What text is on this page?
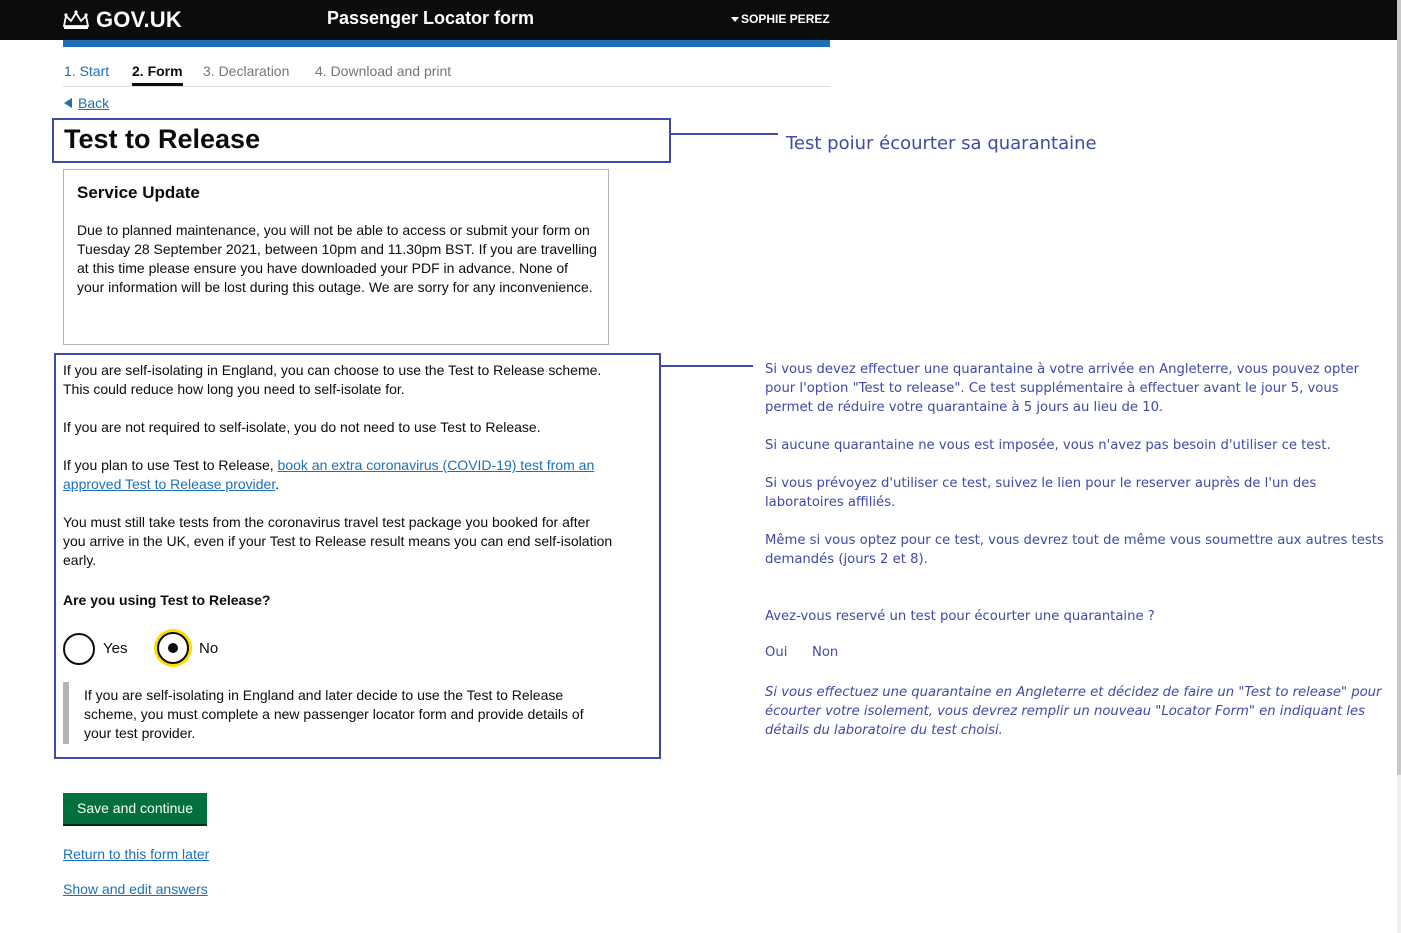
GOV.UK	Passenger Locator form	SOPHIE PEREZ
1. Start 2. Form 3. Declaration 4. Download and print
Back
Test to Release
Service Update
Due to planned maintenance, you will not be able to access or submit your form on Tuesday 28 September 2021, between 10pm and 11.30pm BST. If you are travelling at this time please ensure you have downloaded your PDF in advance. None of your information will be lost during this outage. We are sorry for any inconvenience.

If you are self-isolating in England, you can choose to use the Test to Release scheme. This could reduce how long you need to self-isolate for.

If you are not required to self-isolate, you do not need to use Test to Release.

If you plan to use Test to Release, book an extra coronavirus (COVID-19) test from an approved Test to Release provider.

You must still take tests from the coronavirus travel test package you booked for after you arrive in the UK, even if your Test to Release result means you can end self-isolation early.

Are you using Test to Release?
Yes	No
If you are self-isolating in England and later decide to use the Test to Release scheme, you must complete a new passenger locator form and provide details of your test provider.
Save and continue
Return to this form later
Show and edit answers
Test poiur écourter sa quarantaine
Si vous devez effectuer une quarantaine à votre arrivée en Angleterre, vous pouvez opter pour l'option "Test to release". Ce test supplémentaire à effectuer avant le jour 5, vous permet de réduire votre quarantaine à 5 jours au lieu de 10.
Si aucune quarantaine ne vous est imposée, vous n'avez pas besoin d'utiliser ce test.
Si vous prévoyez d'utiliser ce test, suivez le lien pour le reserver auprès de l'un des laboratoires affiliés.
Même si vous optez pour ce test, vous devrez tout de même vous soumettre aux autres tests demandés (jours 2 et 8).
Avez-vous reservé un test pour écourter une quarantaine ?
Oui Non
Si vous effectuez une quarantaine en Angleterre et décidez de faire un "Test to release" pour écourter votre isolement, vous devrez remplir un nouveau "Locator Form" en indiquant les détails du laboratoire du test choisi.
